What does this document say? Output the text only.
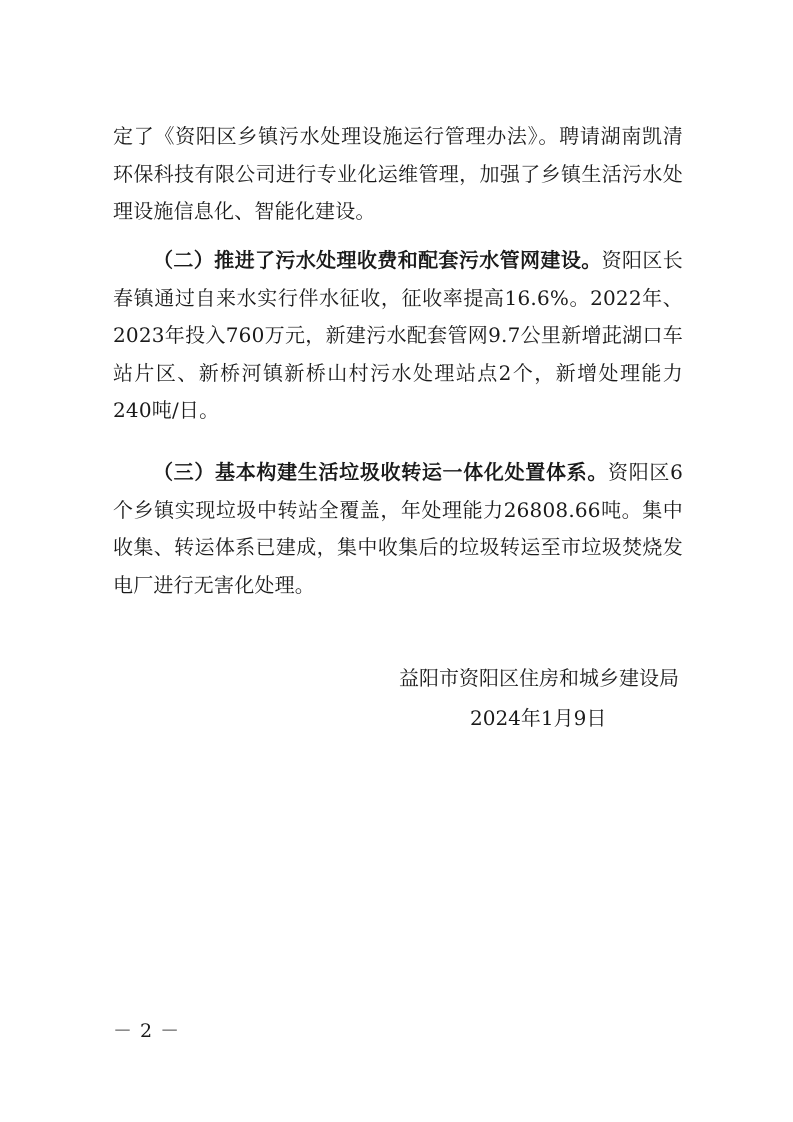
定了《资阳区乡镇污水处理设施运行管理办法》。聘请湖南凯清环保科技有限公司进行专业化运维管理，加强了乡镇生活污水处理设施信息化、智能化建设。

（二）推进了污水处理收费和配套污水管网建设。资阳区长春镇通过自来水实行伴水征收，征收率提高16.6%。2022年、2023年投入760万元，新建污水配套管网9.7公里新增茈湖口车站片区、新桥河镇新桥山村污水处理站点2个，新增处理能力240吨/日。

（三）基本构建生活垃圾收转运一体化处置体系。资阳区6个乡镇实现垃圾中转站全覆盖，年处理能力26808.66吨。集中收集、转运体系已建成，集中收集后的垃圾转运至市垃圾焚烧发电厂进行无害化处理。

益阳市资阳区住房和城乡建设局
2024年1月9日
－ 2 －
